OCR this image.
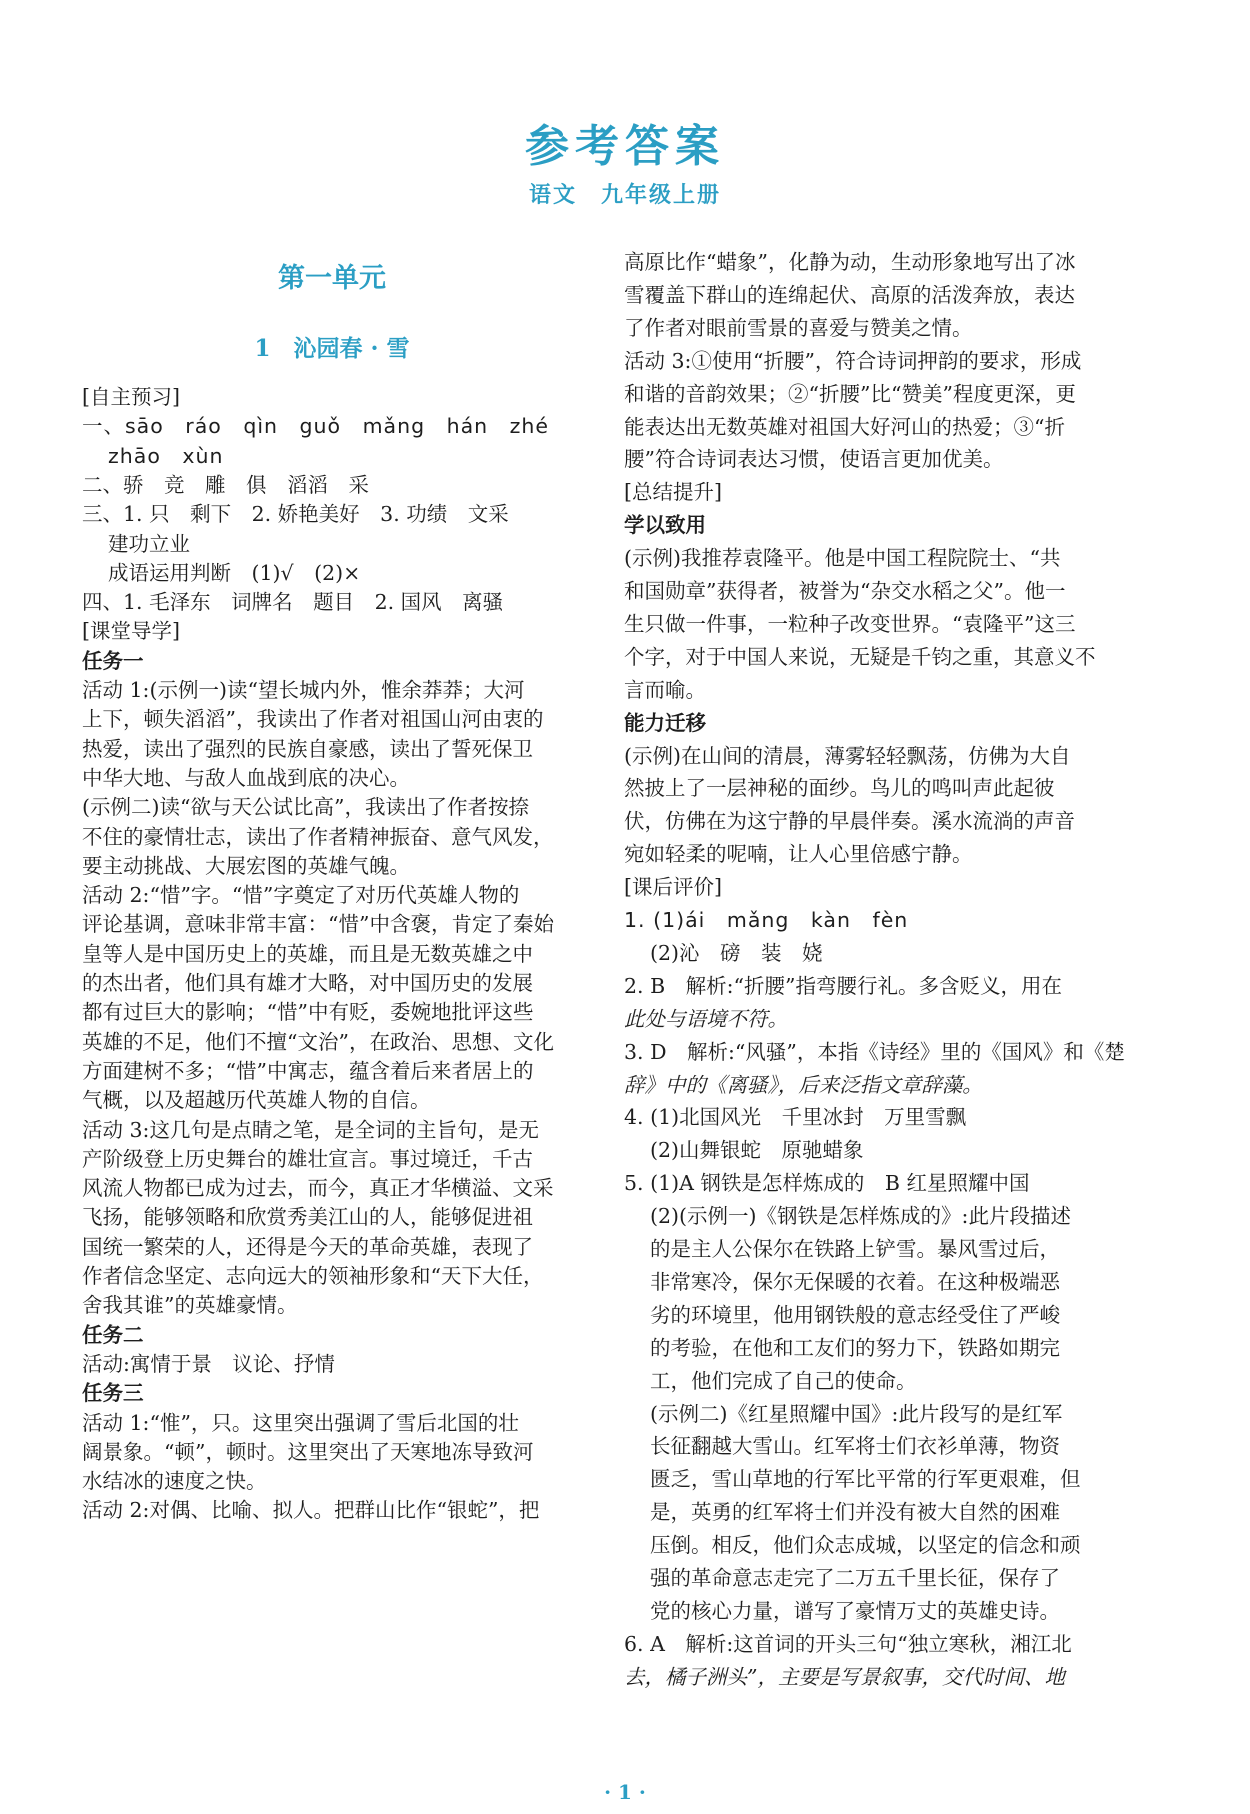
参考答案
语文　九年级上册
第一单元
1　沁园春 · 雪
[自主预习]
一、sāo　ráo　qìn　guǒ　mǎng　hán　zhé
zhāo　xùn
二、骄　竞　雕　俱　滔滔　采
三、1. 只　剩下　2. 娇艳美好　3. 功绩　文采
建功立业
成语运用判断　(1)√　(2)×
四、1. 毛泽东　词牌名　题目　2. 国风　离骚
[课堂导学]
任务一
活动 1:(示例一)读“望长城内外，惟余莽莽；大河
上下，顿失滔滔”，我读出了作者对祖国山河由衷的
热爱，读出了强烈的民族自豪感，读出了誓死保卫
中华大地、与敌人血战到底的决心。
(示例二)读“欲与天公试比高”，我读出了作者按捺
不住的豪情壮志，读出了作者精神振奋、意气风发，
要主动挑战、大展宏图的英雄气魄。
活动 2:“惜”字。“惜”字奠定了对历代英雄人物的
评论基调，意味非常丰富：“惜”中含褒，肯定了秦始
皇等人是中国历史上的英雄，而且是无数英雄之中
的杰出者，他们具有雄才大略，对中国历史的发展
都有过巨大的影响；“惜”中有贬，委婉地批评这些
英雄的不足，他们不擅“文治”，在政治、思想、文化
方面建树不多；“惜”中寓志，蕴含着后来者居上的
气概，以及超越历代英雄人物的自信。
活动 3:这几句是点睛之笔，是全词的主旨句，是无
产阶级登上历史舞台的雄壮宣言。事过境迁，千古
风流人物都已成为过去，而今，真正才华横溢、文采
飞扬，能够领略和欣赏秀美江山的人，能够促进祖
国统一繁荣的人，还得是今天的革命英雄，表现了
作者信念坚定、志向远大的领袖形象和“天下大任，
舍我其谁”的英雄豪情。
任务二
活动:寓情于景　议论、抒情
任务三
活动 1:“惟”，只。这里突出强调了雪后北国的壮
阔景象。“顿”，顿时。这里突出了天寒地冻导致河
水结冰的速度之快。
活动 2:对偶、比喻、拟人。把群山比作“银蛇”，把
高原比作“蜡象”，化静为动，生动形象地写出了冰
雪覆盖下群山的连绵起伏、高原的活泼奔放，表达
了作者对眼前雪景的喜爱与赞美之情。
活动 3:①使用“折腰”，符合诗词押韵的要求，形成
和谐的音韵效果；②“折腰”比“赞美”程度更深，更
能表达出无数英雄对祖国大好河山的热爱；③“折
腰”符合诗词表达习惯，使语言更加优美。
[总结提升]
学以致用
(示例)我推荐袁隆平。他是中国工程院院士、“共
和国勋章”获得者，被誉为“杂交水稻之父”。他一
生只做一件事，一粒种子改变世界。“袁隆平”这三
个字，对于中国人来说，无疑是千钧之重，其意义不
言而喻。
能力迁移
(示例)在山间的清晨，薄雾轻轻飘荡，仿佛为大自
然披上了一层神秘的面纱。鸟儿的鸣叫声此起彼
伏，仿佛在为这宁静的早晨伴奏。溪水流淌的声音
宛如轻柔的呢喃，让人心里倍感宁静。
[课后评价]
1. (1)ái　mǎng　kàn　fèn
(2)沁　磅　装　娆
2. B　解析:“折腰”指弯腰行礼。多含贬义，用在
此处与语境不符。
3. D　解析:“风骚”，本指《诗经》里的《国风》和《楚
辞》中的《离骚》，后来泛指文章辞藻。
4. (1)北国风光　千里冰封　万里雪飘
(2)山舞银蛇　原驰蜡象
5. (1)A 钢铁是怎样炼成的　B 红星照耀中国
(2)(示例一)《钢铁是怎样炼成的》:此片段描述
的是主人公保尔在铁路上铲雪。暴风雪过后，
非常寒冷，保尔无保暖的衣着。在这种极端恶
劣的环境里，他用钢铁般的意志经受住了严峻
的考验，在他和工友们的努力下，铁路如期完
工，他们完成了自己的使命。
(示例二)《红星照耀中国》:此片段写的是红军
长征翻越大雪山。红军将士们衣衫单薄，物资
匮乏，雪山草地的行军比平常的行军更艰难，但
是，英勇的红军将士们并没有被大自然的困难
压倒。相反，他们众志成城，以坚定的信念和顽
强的革命意志走完了二万五千里长征，保存了
党的核心力量，谱写了豪情万丈的英雄史诗。
6. A　解析:这首词的开头三句“独立寒秋，湘江北
去，橘子洲头”，主要是写景叙事，交代时间、地
· 1 ·
